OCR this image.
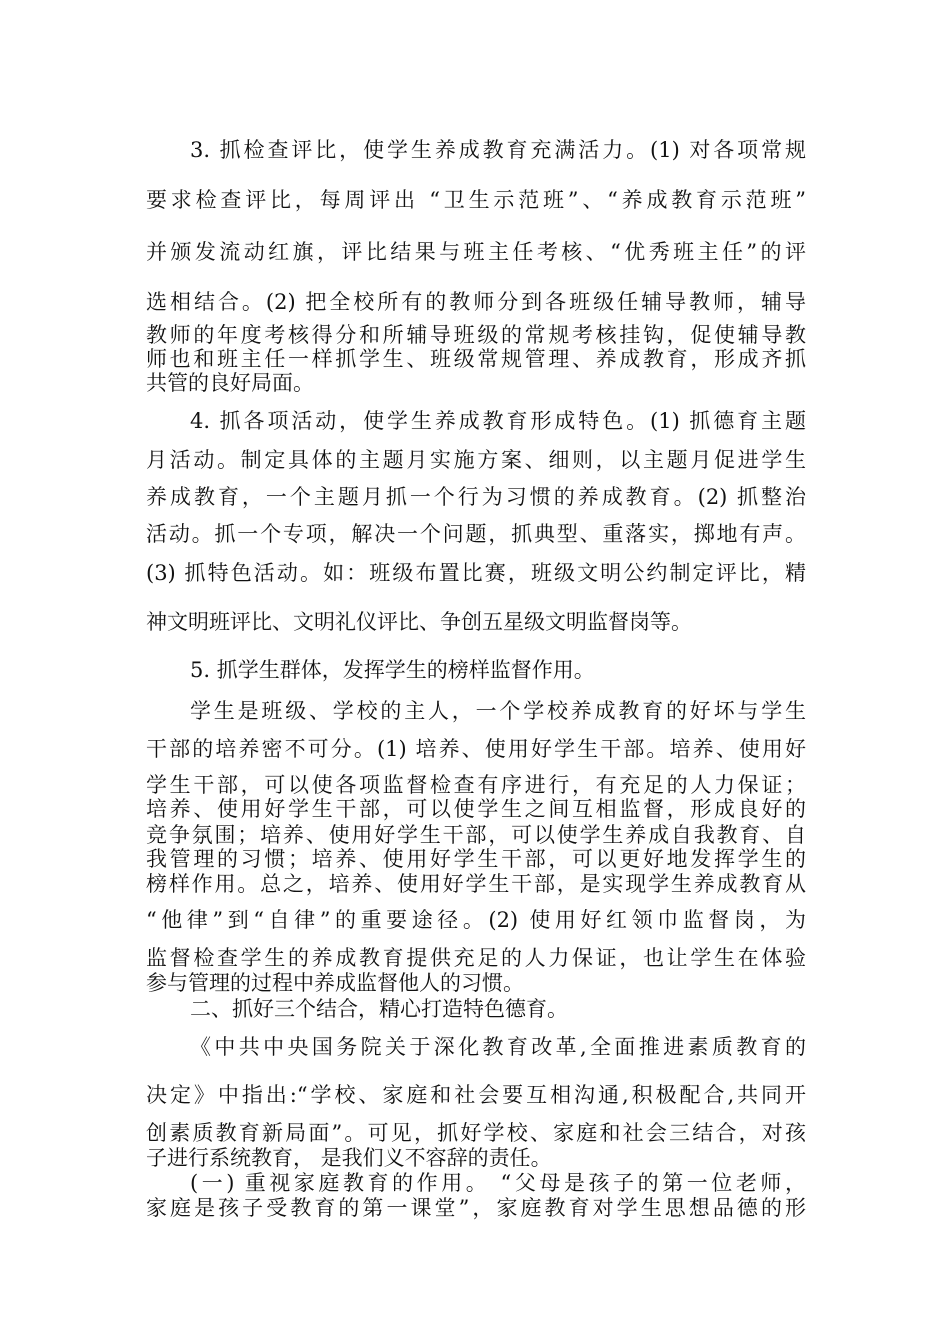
3. 抓检查评比，使学生养成教育充满活力。(1) 对各项常规
要求检查评比，每周评出 “卫生示范班”、“养成教育示范班”
并颁发流动红旗，评比结果与班主任考核、“优秀班主任”的评
选相结合。(2) 把全校所有的教师分到各班级任辅导教师，辅导
教师的年度考核得分和所辅导班级的常规考核挂钩，促使辅导教
师也和班主任一样抓学生、班级常规管理、养成教育，形成齐抓
共管的良好局面。
4. 抓各项活动，使学生养成教育形成特色。(1) 抓德育主题
月活动。制定具体的主题月实施方案、细则，以主题月促进学生
养成教育，一个主题月抓一个行为习惯的养成教育。(2) 抓整治
活动。抓一个专项，解决一个问题，抓典型、重落实，掷地有声。
(3) 抓特色活动。如：班级布置比赛，班级文明公约制定评比，精
神文明班评比、文明礼仪评比、争创五星级文明监督岗等。
5. 抓学生群体，发挥学生的榜样监督作用。
学生是班级、学校的主人，一个学校养成教育的好坏与学生
干部的培养密不可分。(1) 培养、使用好学生干部。培养、使用好
学生干部，可以使各项监督检查有序进行，有充足的人力保证；
培养、使用好学生干部，可以使学生之间互相监督，形成良好的
竞争氛围；培养、使用好学生干部，可以使学生养成自我教育、自
我管理的习惯；培养、使用好学生干部，可以更好地发挥学生的
榜样作用。总之，培养、使用好学生干部，是实现学生养成教育从
“他律”到“自律”的重要途径。(2) 使用好红领巾监督岗，为
监督检查学生的养成教育提供充足的人力保证，也让学生在体验
参与管理的过程中养成监督他人的习惯。
二、抓好三个结合，精心打造特色德育。
《中共中央国务院关于深化教育改革,全面推进素质教育的
决定》中指出:“学校、家庭和社会要互相沟通,积极配合,共同开
创素质教育新局面”。可见，抓好学校、家庭和社会三结合，对孩
子进行系统教育， 是我们义不容辞的责任。
(一) 重视家庭教育的作用。 “父母是孩子的第一位老师，
家庭是孩子受教育的第一课堂”，家庭教育对学生思想品德的形
